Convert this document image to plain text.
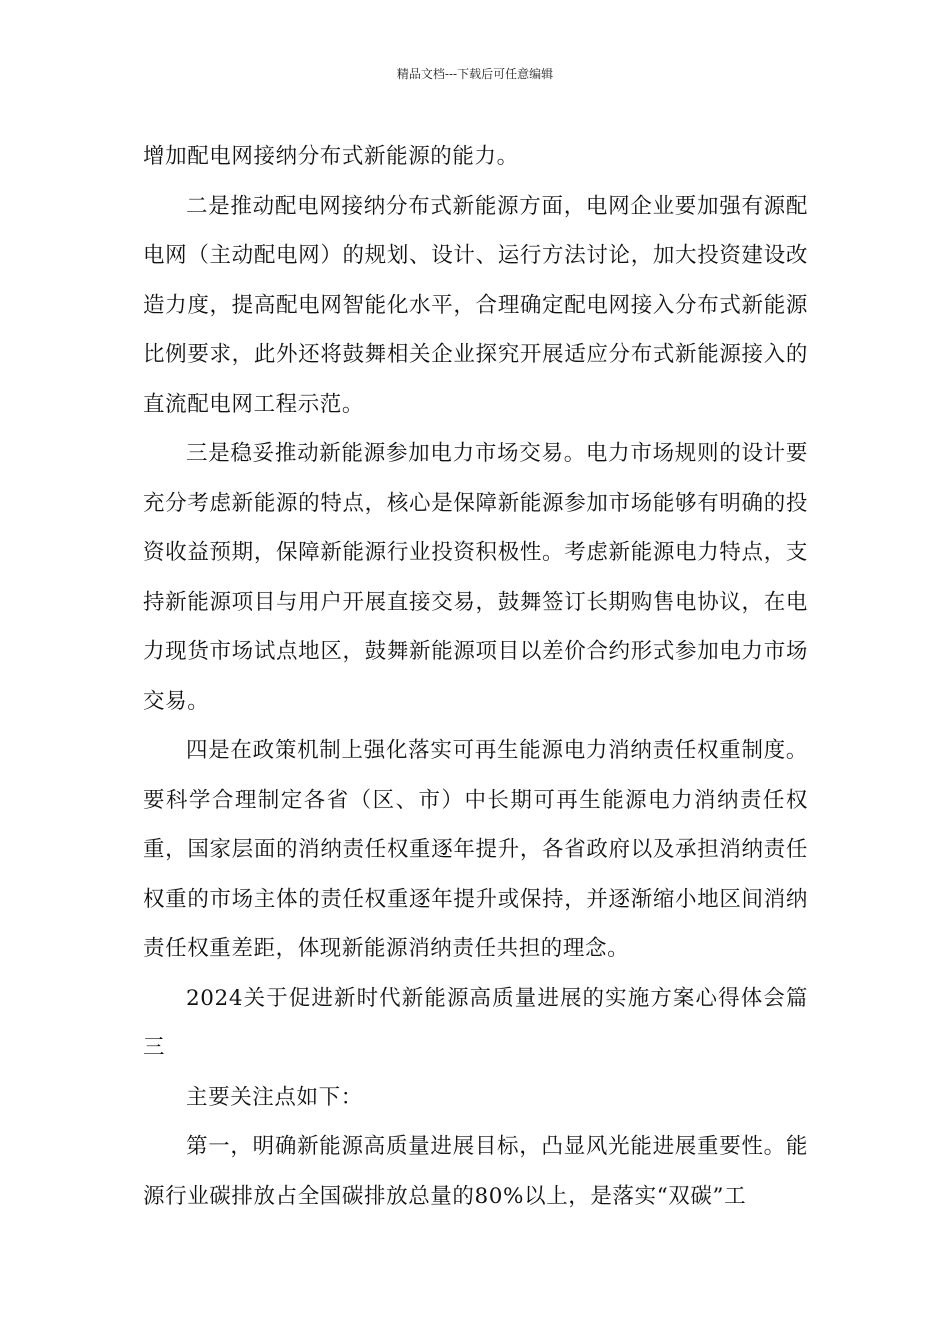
精品文档---下载后可任意编辑

增加配电网接纳分布式新能源的能力。

二是推动配电网接纳分布式新能源方面，电网企业要加强有源配电网（主动配电网）的规划、设计、运行方法讨论，加大投资建设改造力度，提高配电网智能化水平，合理确定配电网接入分布式新能源比例要求，此外还将鼓舞相关企业探究开展适应分布式新能源接入的直流配电网工程示范。

三是稳妥推动新能源参加电力市场交易。电力市场规则的设计要充分考虑新能源的特点，核心是保障新能源参加市场能够有明确的投资收益预期，保障新能源行业投资积极性。考虑新能源电力特点，支持新能源项目与用户开展直接交易，鼓舞签订长期购售电协议，在电力现货市场试点地区，鼓舞新能源项目以差价合约形式参加电力市场交易。

四是在政策机制上强化落实可再生能源电力消纳责任权重制度。要科学合理制定各省（区、市）中长期可再生能源电力消纳责任权重，国家层面的消纳责任权重逐年提升，各省政府以及承担消纳责任权重的市场主体的责任权重逐年提升或保持，并逐渐缩小地区间消纳责任权重差距，体现新能源消纳责任共担的理念。

2024关于促进新时代新能源高质量进展的实施方案心得体会篇三

主要关注点如下：

第一，明确新能源高质量进展目标，凸显风光能进展重要性。能源行业碳排放占全国碳排放总量的80%以上，是落实“双碳”工
